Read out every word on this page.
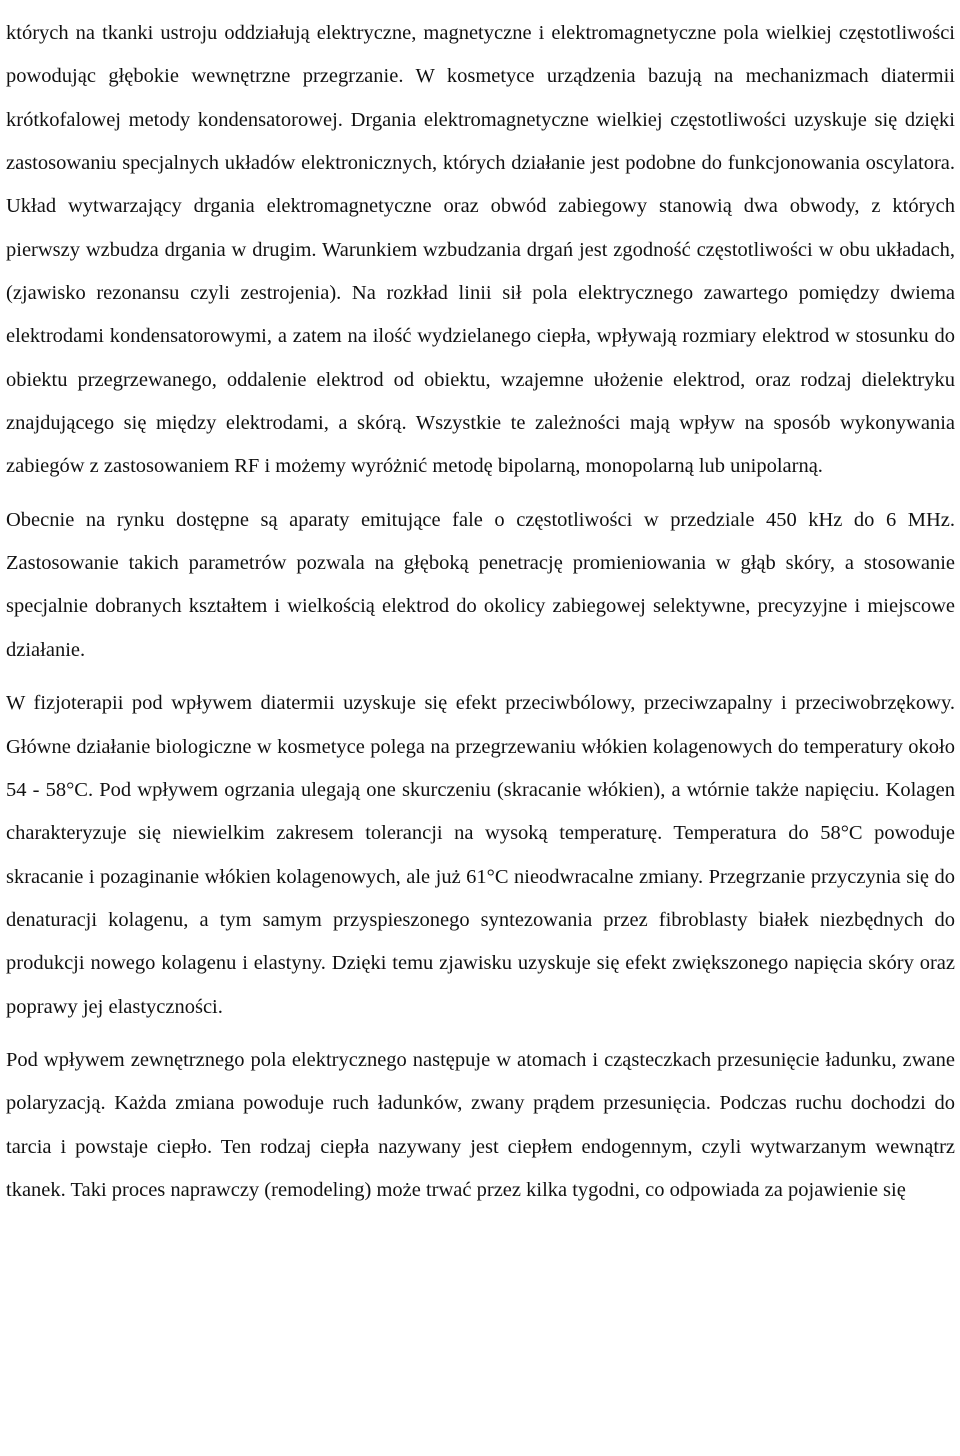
których na tkanki ustroju oddziałują elektryczne, magnetyczne i elektromagnetyczne pola wielkiej częstotliwości powodując głębokie wewnętrzne przegrzanie. W kosmetyce urządzenia bazują na mechanizmach diatermii krótkofalowej metody kondensatorowej. Drgania elektromagnetyczne wielkiej częstotliwości uzyskuje się dzięki zastosowaniu specjalnych układów elektronicznych, których działanie jest podobne do funkcjonowania oscylatora. Układ wytwarzający drgania elektromagnetyczne oraz obwód zabiegowy stanowią dwa obwody, z których pierwszy wzbudza drgania w drugim. Warunkiem wzbudzania drgań jest zgodność częstotliwości w obu układach, (zjawisko rezonansu czyli zestrojenia). Na rozkład linii sił pola elektrycznego zawartego pomiędzy dwiema elektrodami kondensatorowymi, a zatem na ilość wydzielanego ciepła, wpływają rozmiary elektrod w stosunku do obiektu przegrzewanego, oddalenie elektrod od obiektu, wzajemne ułożenie elektrod, oraz rodzaj dielektryku znajdującego się między elektrodami, a skórą. Wszystkie te zależności mają wpływ na sposób wykonywania zabiegów z zastosowaniem RF i możemy wyróżnić metodę bipolarną, monopolarną lub unipolarną.

Obecnie na rynku dostępne są aparaty emitujące fale o częstotliwości w przedziale 450 kHz do 6 MHz. Zastosowanie takich parametrów pozwala na głęboką penetrację promieniowania w głąb skóry, a stosowanie specjalnie dobranych kształtem i wielkością elektrod do okolicy zabiegowej selektywne, precyzyjne i miejscowe działanie.

W fizjoterapii pod wpływem diatermii uzyskuje się efekt przeciwbólowy, przeciwzapalny i przeciwobrzękowy. Główne działanie biologiczne w kosmetyce polega na przegrzewaniu włókien kolagenowych do temperatury około 54 - 58°C. Pod wpływem ogrzania ulegają one skurczeniu (skracanie włókien), a wtórnie także napięciu. Kolagen charakteryzuje się niewielkim zakresem tolerancji na wysoką temperaturę. Temperatura do 58°C powoduje skracanie i pozaginanie włókien kolagenowych, ale już 61°C nieodwracalne zmiany. Przegrzanie przyczynia się do denaturacji kolagenu, a tym samym przyspieszonego syntezowania przez fibroblasty białek niezbędnych do produkcji nowego kolagenu i elastyny. Dzięki temu zjawisku uzyskuje się efekt zwiększonego napięcia skóry oraz poprawy jej elastyczności.

Pod wpływem zewnętrznego pola elektrycznego następuje w atomach i cząsteczkach przesunięcie ładunku, zwane polaryzacją. Każda zmiana powoduje ruch ładunków, zwany prądem przesunięcia. Podczas ruchu dochodzi do tarcia i powstaje ciepło. Ten rodzaj ciepła nazywany jest ciepłem endogennym, czyli wytwarzanym wewnątrz tkanek. Taki proces naprawczy (remodeling) może trwać przez kilka tygodni, co odpowiada za pojawienie się
